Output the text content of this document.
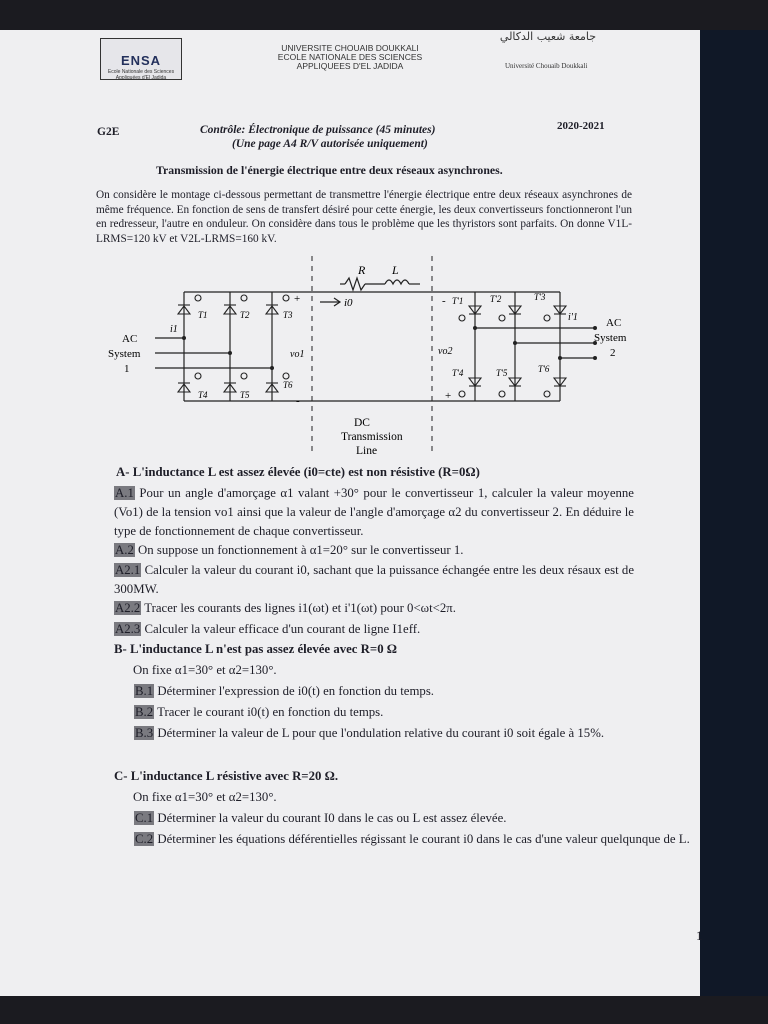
ENSA
Ecole Nationale des Sciences Appliquées d'El Jadida
UNIVERSITE CHOUAIB DOUKKALI
ECOLE NATIONALE DES SCIENCES
APPLIQUEES D'EL JADIDA
جامعة شعيب الدكالي
Université Chouaib Doukkali
G2E	Contrôle: Électronique de puissance (45 minutes)
(Une page A4 R/V autorisée uniquement)
2020-2021
Transmission de l'énergie électrique entre deux réseaux asynchrones.
On considère le montage ci-dessous permettant de transmettre l'énergie électrique entre deux réseaux asynchrones de même fréquence. En fonction de sens de transfert désiré pour cette énergie, les deux convertisseurs fonctionneront l'un en redresseur, l'autre en onduleur. On considère dans tous le problème que les thyristors sont parfaits. On donne V1L-LRMS=120 kV et V2L-LRMS=160 kV.
R L
i0
AC
System
1
AC
System
2
DC
Transmission
Line
vo1	vo2
+
-
-
+
i1
i'1
T1	T2	T3
T4	T5
T6
T'1	T'2	T'3
T'4	T'5	T'6
A- L'inductance L est assez élevée (i0=cte) est non résistive (R=0Ω)
A.1 Pour un angle d'amorçage α1 valant +30° pour le convertisseur 1, calculer la valeur moyenne (Vo1) de la tension vo1 ainsi que la valeur de l'angle d'amorçage α2 du convertisseur 2. En déduire le type de fonctionnement de chaque convertisseur.
A.2 On suppose un fonctionnement à α1=20° sur le convertisseur 1.
A2.1 Calculer la valeur du courant i0, sachant que la puissance échangée entre les deux résaux est de 300MW.
A2.2 Tracer les courants des lignes i1(ωt) et i'1(ωt) pour 0<ωt<2π.
A2.3 Calculer la valeur efficace d'un courant de ligne I1eff.
B- L'inductance L n'est pas assez élevée avec R=0 Ω
On fixe α1=30° et α2=130°.
B.1 Déterminer l'expression de i0(t) en fonction du temps.
B.2 Tracer le courant i0(t) en fonction du temps.
B.3 Déterminer la valeur de L pour que l'ondulation relative du courant i0 soit égale à 15%.
C- L'inductance L résistive avec R=20 Ω.
On fixe α1=30° et α2=130°.
C.1 Déterminer la valeur du courant I0 dans le cas ou L est assez élevée.
C.2 Déterminer les équations déférentielles régissant le courant i0 dans le cas d'une valeur quelqunque de L.
1
